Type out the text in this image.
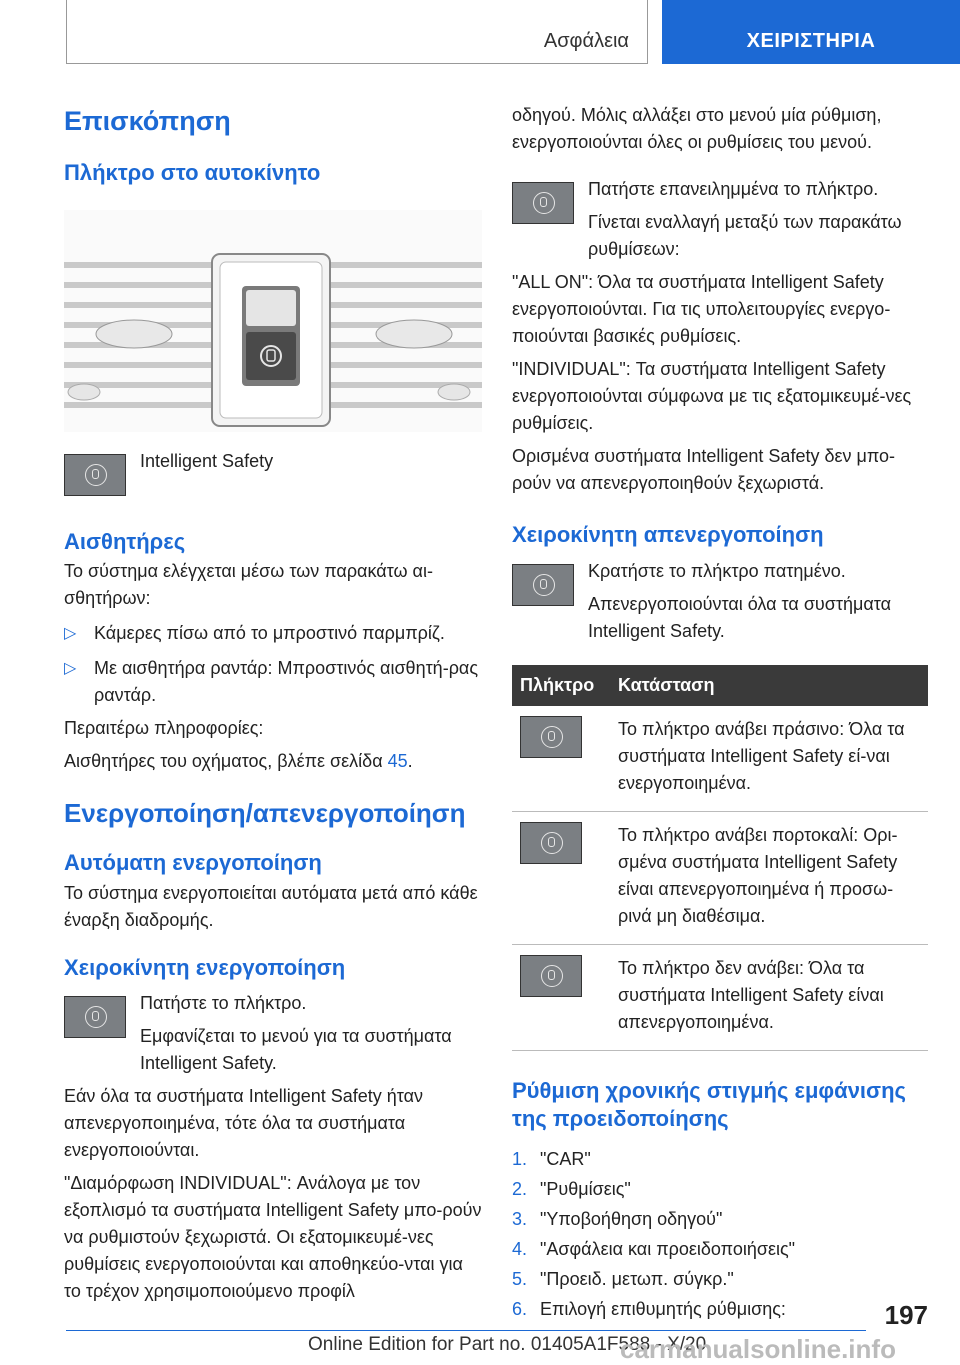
Ασφάλεια	ΧΕΙΡΙΣΤΗΡΙΑ
Επισκόπηση
Πλήκτρο στο αυτοκίνητο

Intelligent Safety

Αισθητήρες

Το σύστημα ελέγχεται μέσω των παρακάτω αι-σθητήρων:

▷ Κάμερες πίσω από το μπροστινό παρμπρίζ.

▷ Με αισθητήρα ραντάρ: Μπροστινός αισθητή-ρας ραντάρ.

Περαιτέρω πληροφορίες:

Αισθητήρες του οχήματος, βλέπε σελίδα 45.

Ενεργοποίηση/απενεργοποίηση
Αυτόματη ενεργοποίηση

Το σύστημα ενεργοποιείται αυτόματα μετά από κάθε έναρξη διαδρομής.

Χειροκίνητη ενεργοποίηση

Πατήστε το πλήκτρο.

Εμφανίζεται το μενού για τα συστήματα Intelligent Safety.

Εάν όλα τα συστήματα Intelligent Safety ήταν απενεργοποιημένα, τότε όλα τα συστήματα ενεργοποιούνται.

"Διαμόρφωση INDIVIDUAL": Ανάλογα με τον εξοπλισμό τα συστήματα Intelligent Safety μπο-ρούν να ρυθμιστούν ξεχωριστά. Οι εξατομικευμέ-νες ρυθμίσεις ενεργοποιούνται και αποθηκεύο-νται για το τρέχον χρησιμοποιούμενο προφίλ

οδηγού. Μόλις αλλάξει στο μενού μία ρύθμιση, ενεργοποιούνται όλες οι ρυθμίσεις του μενού.

Πατήστε επανειλημμένα το πλήκτρο.

Γίνεται εναλλαγή μεταξύ των παρακάτω ρυθμίσεων:

"ALL ON": Όλα τα συστήματα Intelligent Safety ενεργοποιούνται. Για τις υπολειτουργίες ενεργο-ποιούνται βασικές ρυθμίσεις.

"INDIVIDUAL": Τα συστήματα Intelligent Safety ενεργοποιούνται σύμφωνα με τις εξατομικευμέ-νες ρυθμίσεις.

Ορισμένα συστήματα Intelligent Safety δεν μπο-ρούν να απενεργοποιηθούν ξεχωριστά.

Χειροκίνητη απενεργοποίηση

Κρατήστε το πλήκτρο πατημένο.

Απενεργοποιούνται όλα τα συστήματα Intelligent Safety.

Πλήκτρο	Κατάσταση

	Το πλήκτρο ανάβει πράσινο: Όλα τα συστήματα Intelligent Safety εί-ναι ενεργοποιημένα.

	Το πλήκτρο ανάβει πορτοκαλί: Ορι-σμένα συστήματα Intelligent Safety είναι απενεργοποιημένα ή προσω-ρινά μη διαθέσιμα.

	Το πλήκτρο δεν ανάβει: Όλα τα συστήματα Intelligent Safety είναι απενεργοποιημένα.
Ρύθμιση χρονικής στιγμής εμφάνισης της προειδοποίησης
1. "CAR"
2. "Ρυθμίσεις"
3. "Υποβοήθηση οδηγού"
4. "Ασφάλεια και προειδοποιήσεις"
5. "Προειδ. μετωπ. σύγκρ."
6. Επιλογή επιθυμητής ρύθμισης:	197
Online Edition for Part no. 01405A1F588 - X/20
carmanualsonline.info
